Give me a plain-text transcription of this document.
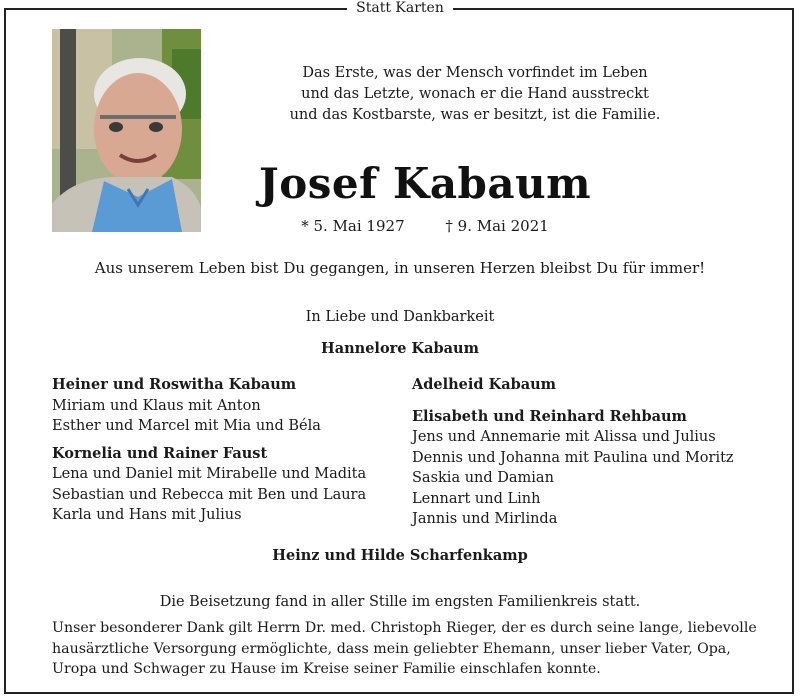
Statt Karten
Das Erste, was der Mensch vorfindet im Leben
und das Letzte, wonach er die Hand ausstreckt
und das Kostbarste, was er besitzt, ist die Familie.
Josef Kabaum
* 5. Mai 1927	† 9. Mai 2021
Aus unserem Leben bist Du gegangen, in unseren Herzen bleibst Du für immer!
In Liebe und Dankbarkeit
Hannelore Kabaum
Heiner und Roswitha Kabaum
Miriam und Klaus mit Anton
Esther und Marcel mit Mia und Béla
Kornelia und Rainer Faust
Lena und Daniel mit Mirabelle und Madita
Sebastian und Rebecca mit Ben und Laura
Karla und Hans mit Julius
Adelheid Kabaum
Elisabeth und Reinhard Rehbaum
Jens und Annemarie mit Alissa und Julius
Dennis und Johanna mit Paulina und Moritz
Saskia und Damian
Lennart und Linh
Jannis und Mirlinda
Heinz und Hilde Scharfenkamp
Die Beisetzung fand in aller Stille im engsten Familienkreis statt.
Unser besonderer Dank gilt Herrn Dr. med. Christoph Rieger, der es durch seine lange, liebevolle
hausärztliche Versorgung ermöglichte, dass mein geliebter Ehemann, unser lieber Vater, Opa,
Uropa und Schwager zu Hause im Kreise seiner Familie einschlafen konnte.
